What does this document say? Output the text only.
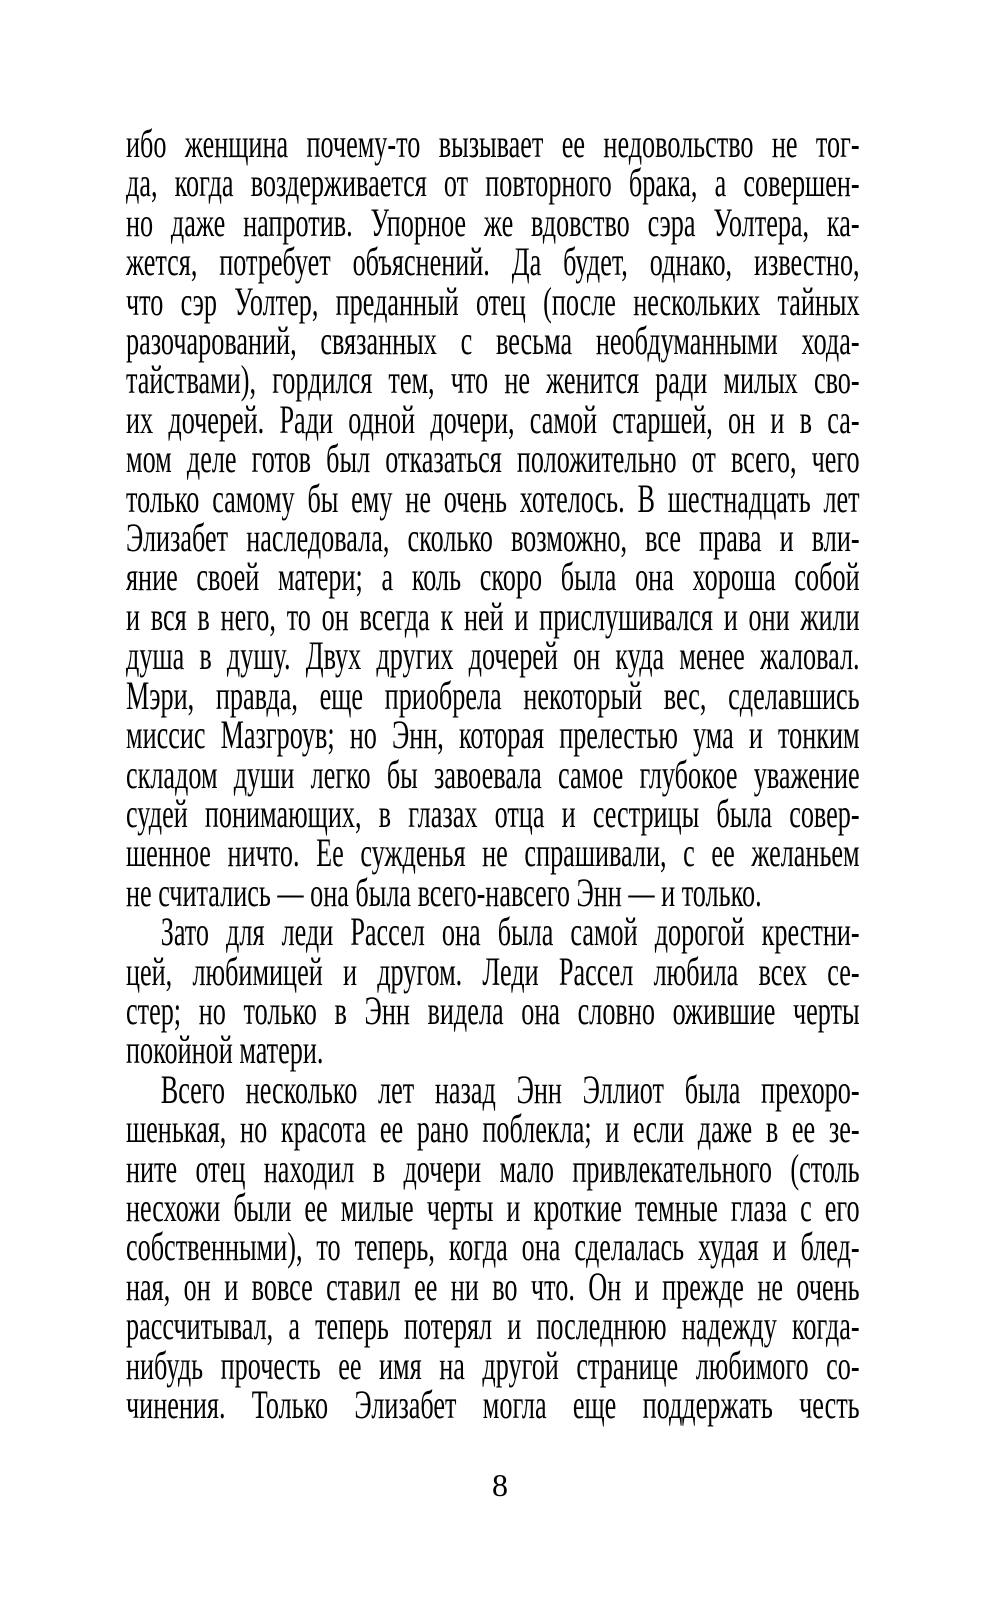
ибо женщина почему-то вызывает ее недовольство не тог-
да, когда воздерживается от повторного брака, а совершен-
но даже напротив. Упорное же вдовство сэра Уолтера, ка-
жется, потребует объяснений. Да будет, однако, известно,
что сэр Уолтер, преданный отец (после нескольких тайных
разочарований, связанных с весьма необдуманными хода-
тайствами), гордился тем, что не женится ради милых сво-
их дочерей. Ради одной дочери, самой старшей, он и в са-
мом деле готов был отказаться положительно от всего, чего
только самому бы ему не очень хотелось. В шестнадцать лет
Элизабет наследовала, сколько возможно, все права и вли-
яние своей матери; а коль скоро была она хороша собой
и вся в него, то он всегда к ней и прислушивался и они жили
душа в душу. Двух других дочерей он куда менее жаловал.
Мэри, правда, еще приобрела некоторый вес, сделавшись
миссис Мазгроув; но Энн, которая прелестью ума и тонким
складом души легко бы завоевала самое глубокое уважение
судей понимающих, в глазах отца и сестрицы была совер-
шенное ничто. Ее сужденья не спрашивали, с ее желаньем
не считались — она была всего-навсего Энн — и только.
Зато для леди Рассел она была самой дорогой крестни-
цей, любимицей и другом. Леди Рассел любила всех се-
стер; но только в Энн видела она словно ожившие черты
покойной матери.
Всего несколько лет назад Энн Эллиот была прехоро-
шенькая, но красота ее рано поблекла; и если даже в ее зе-
ните отец находил в дочери мало привлекательного (столь
несхожи были ее милые черты и кроткие темные глаза с его
собственными), то теперь, когда она сделалась худая и блед-
ная, он и вовсе ставил ее ни во что. Он и прежде не очень
рассчитывал, а теперь потерял и последнюю надежду когда-
нибудь прочесть ее имя на другой странице любимого со-
чинения. Только Элизабет могла еще поддержать честь
8
